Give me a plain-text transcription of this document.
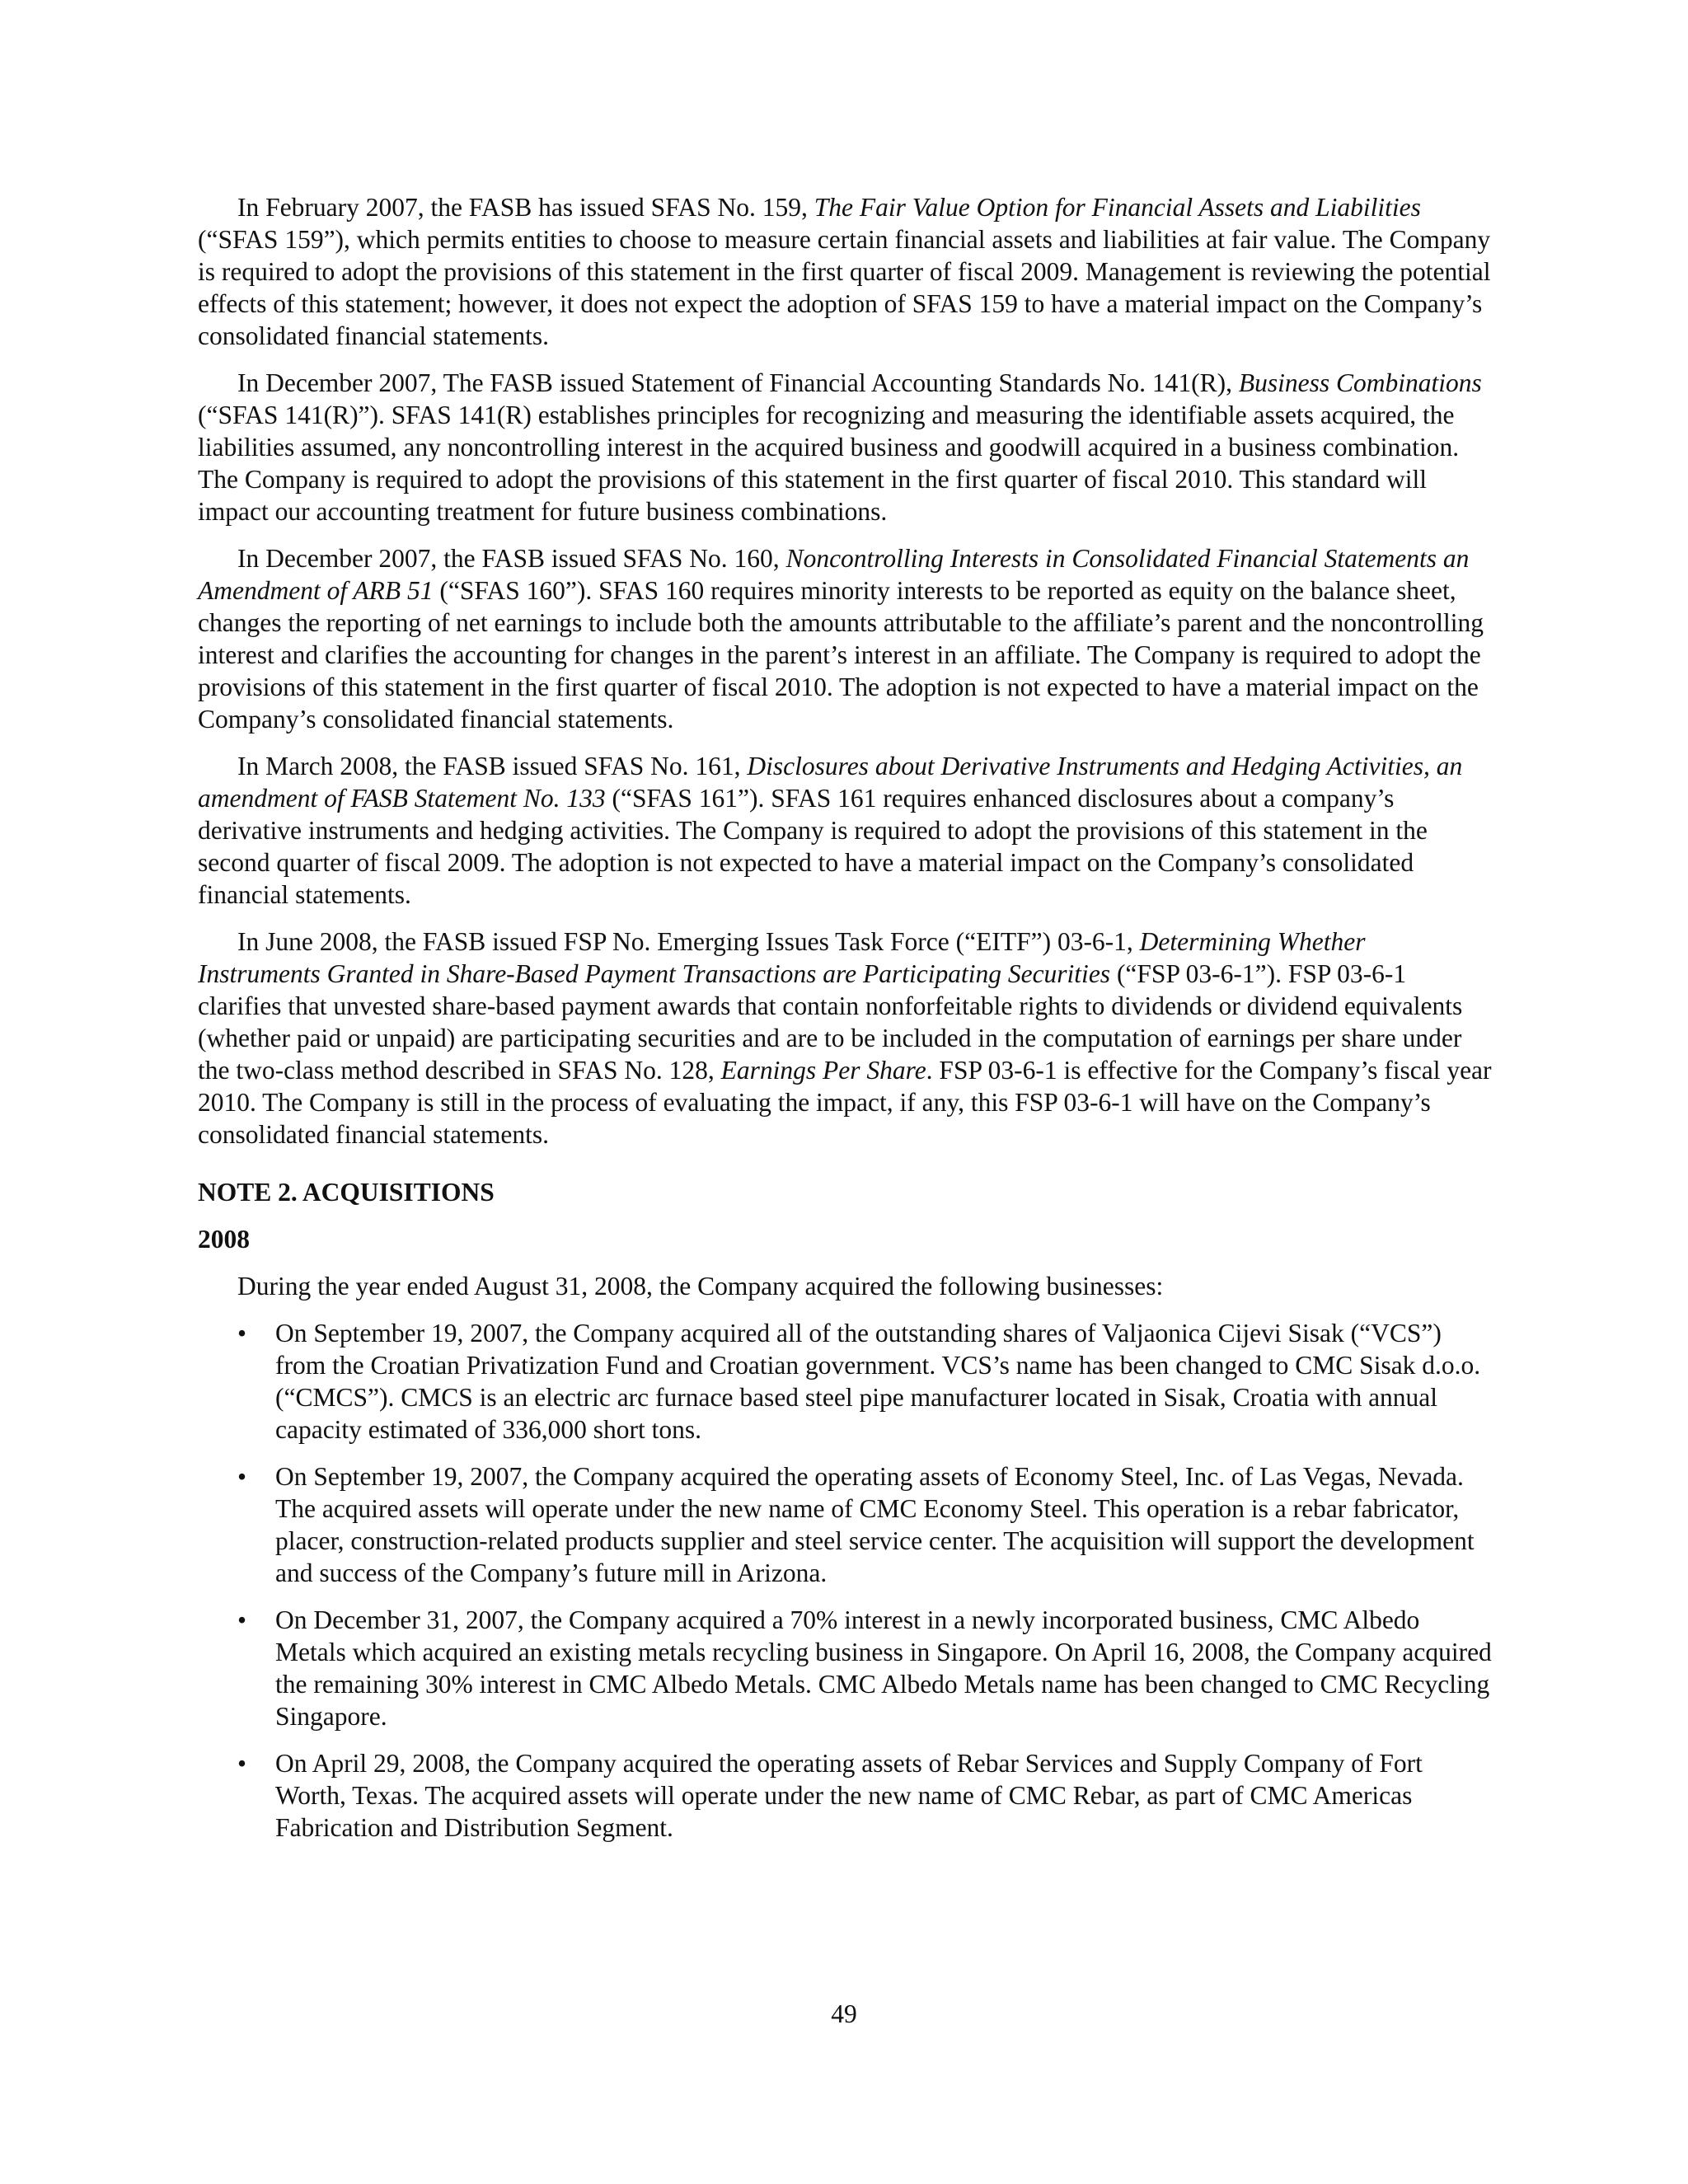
In February 2007, the FASB has issued SFAS No. 159, The Fair Value Option for Financial Assets and Liabilities (“SFAS 159”), which permits entities to choose to measure certain financial assets and liabilities at fair value. The Company is required to adopt the provisions of this statement in the first quarter of fiscal 2009. Management is reviewing the potential effects of this statement; however, it does not expect the adoption of SFAS 159 to have a material impact on the Company’s consolidated financial statements.

In December 2007, The FASB issued Statement of Financial Accounting Standards No. 141(R), Business Combinations (“SFAS 141(R)”). SFAS 141(R) establishes principles for recognizing and measuring the identifiable assets acquired, the liabilities assumed, any noncontrolling interest in the acquired business and goodwill acquired in a business combination. The Company is required to adopt the provisions of this statement in the first quarter of fiscal 2010. This standard will impact our accounting treatment for future business combinations.

In December 2007, the FASB issued SFAS No. 160, Noncontrolling Interests in Consolidated Financial Statements an Amendment of ARB 51 (“SFAS 160”). SFAS 160 requires minority interests to be reported as equity on the balance sheet, changes the reporting of net earnings to include both the amounts attributable to the affiliate’s parent and the noncontrolling interest and clarifies the accounting for changes in the parent’s interest in an affiliate. The Company is required to adopt the provisions of this statement in the first quarter of fiscal 2010. The adoption is not expected to have a material impact on the Company’s consolidated financial statements.

In March 2008, the FASB issued SFAS No. 161, Disclosures about Derivative Instruments and Hedging Activities, an amendment of FASB Statement No. 133 (“SFAS 161”). SFAS 161 requires enhanced disclosures about a company’s derivative instruments and hedging activities. The Company is required to adopt the provisions of this statement in the second quarter of fiscal 2009. The adoption is not expected to have a material impact on the Company’s consolidated financial statements.

In June 2008, the FASB issued FSP No. Emerging Issues Task Force (“EITF”) 03-6-1, Determining Whether Instruments Granted in Share-Based Payment Transactions are Participating Securities (“FSP 03-6-1”). FSP 03-6-1 clarifies that unvested share-based payment awards that contain nonforfeitable rights to dividends or dividend equivalents (whether paid or unpaid) are participating securities and are to be included in the computation of earnings per share under the two-class method described in SFAS No. 128, Earnings Per Share. FSP 03-6-1 is effective for the Company’s fiscal year 2010. The Company is still in the process of evaluating the impact, if any, this FSP 03-6-1 will have on the Company’s consolidated financial statements.

NOTE 2. ACQUISITIONS
2008

During the year ended August 31, 2008, the Company acquired the following businesses:

• On September 19, 2007, the Company acquired all of the outstanding shares of Valjaonica Cijevi Sisak (“VCS”) from the Croatian Privatization Fund and Croatian government. VCS’s name has been changed to CMC Sisak d.o.o. (“CMCS”). CMCS is an electric arc furnace based steel pipe manufacturer located in Sisak, Croatia with annual capacity estimated of 336,000 short tons.
• On September 19, 2007, the Company acquired the operating assets of Economy Steel, Inc. of Las Vegas, Nevada. The acquired assets will operate under the new name of CMC Economy Steel. This operation is a rebar fabricator, placer, construction-related products supplier and steel service center. The acquisition will support the development and success of the Company’s future mill in Arizona.
• On December 31, 2007, the Company acquired a 70% interest in a newly incorporated business, CMC Albedo Metals which acquired an existing metals recycling business in Singapore. On April 16, 2008, the Company acquired the remaining 30% interest in CMC Albedo Metals. CMC Albedo Metals name has been changed to CMC Recycling Singapore.
• On April 29, 2008, the Company acquired the operating assets of Rebar Services and Supply Company of Fort Worth, Texas. The acquired assets will operate under the new name of CMC Rebar, as part of CMC Americas Fabrication and Distribution Segment.
49
